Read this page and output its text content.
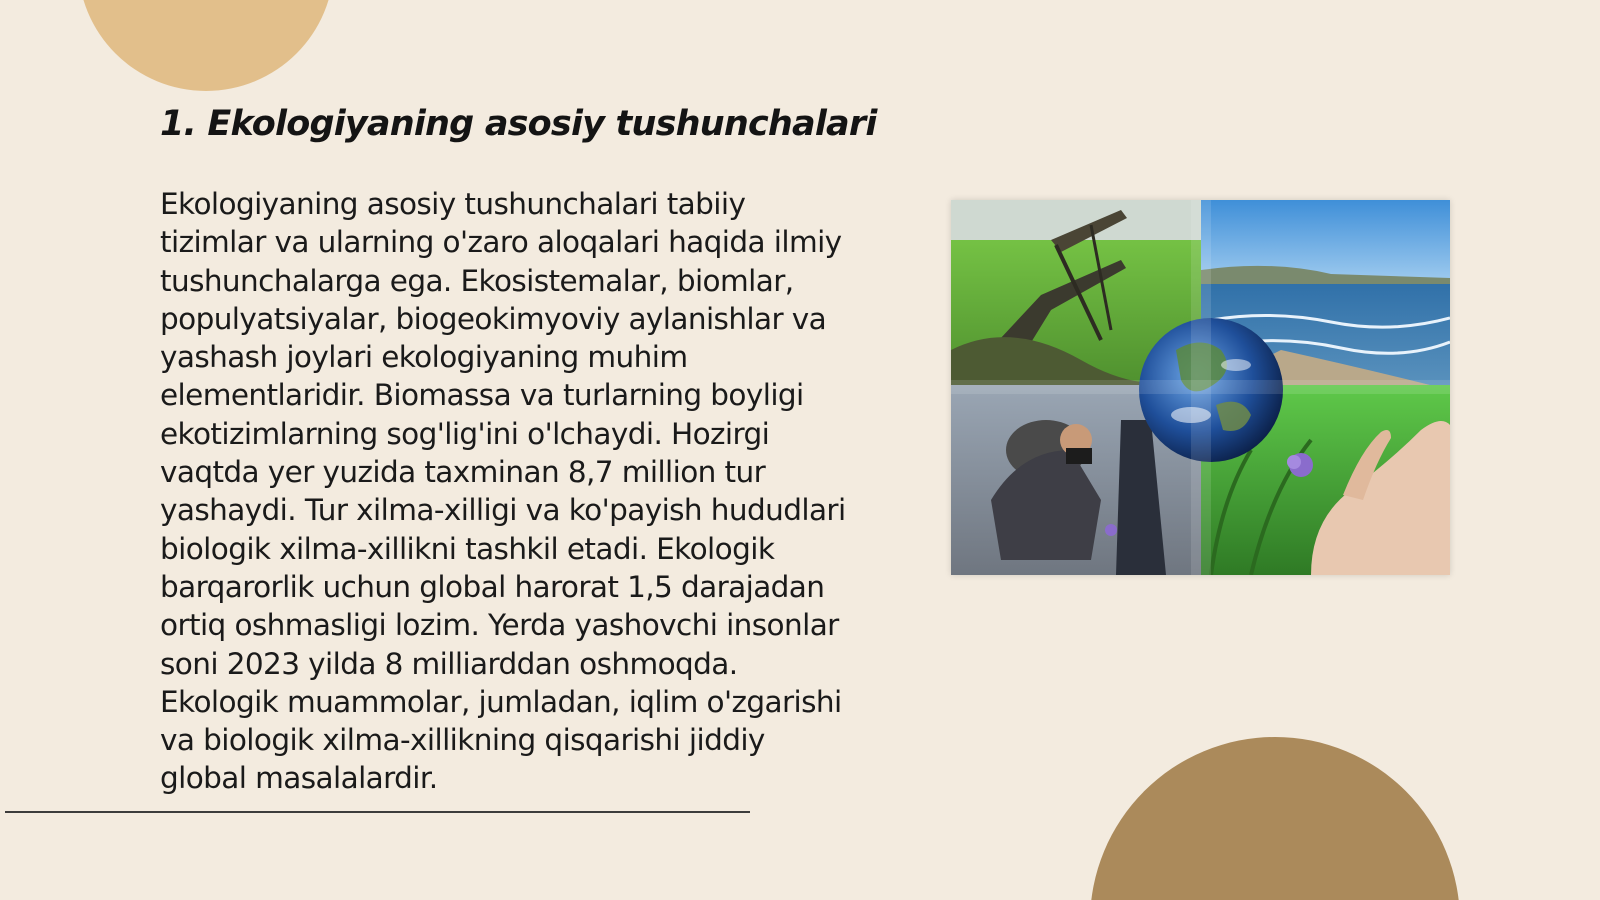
1. Ekologiyaning asosiy tushunchalari

Ekologiyaning asosiy tushunchalari tabiiy tizimlar va ularning o'zaro aloqalari haqida ilmiy tushunchalarga ega. Ekosistemalar, biomlar, populyatsiyalar, biogeokimyoviy aylanishlar va yashash joylari ekologiyaning muhim elementlaridir. Biomassa va turlarning boyligi ekotizimlarning sog'lig'ini o'lchaydi. Hozirgi vaqtda yer yuzida taxminan 8,7 million tur yashaydi. Tur xilma-xilligi va ko'payish hududlari biologik xilma-xillikni tashkil etadi. Ekologik barqarorlik uchun global harorat 1,5 darajadan ortiq oshmasligi lozim. Yerda yashovchi insonlar soni 2023 yilda 8 milliarddan oshmoqda. Ekologik muammolar, jumladan, iqlim o'zgarishi va biologik xilma-xillikning qisqarishi jiddiy global masalalardir.
